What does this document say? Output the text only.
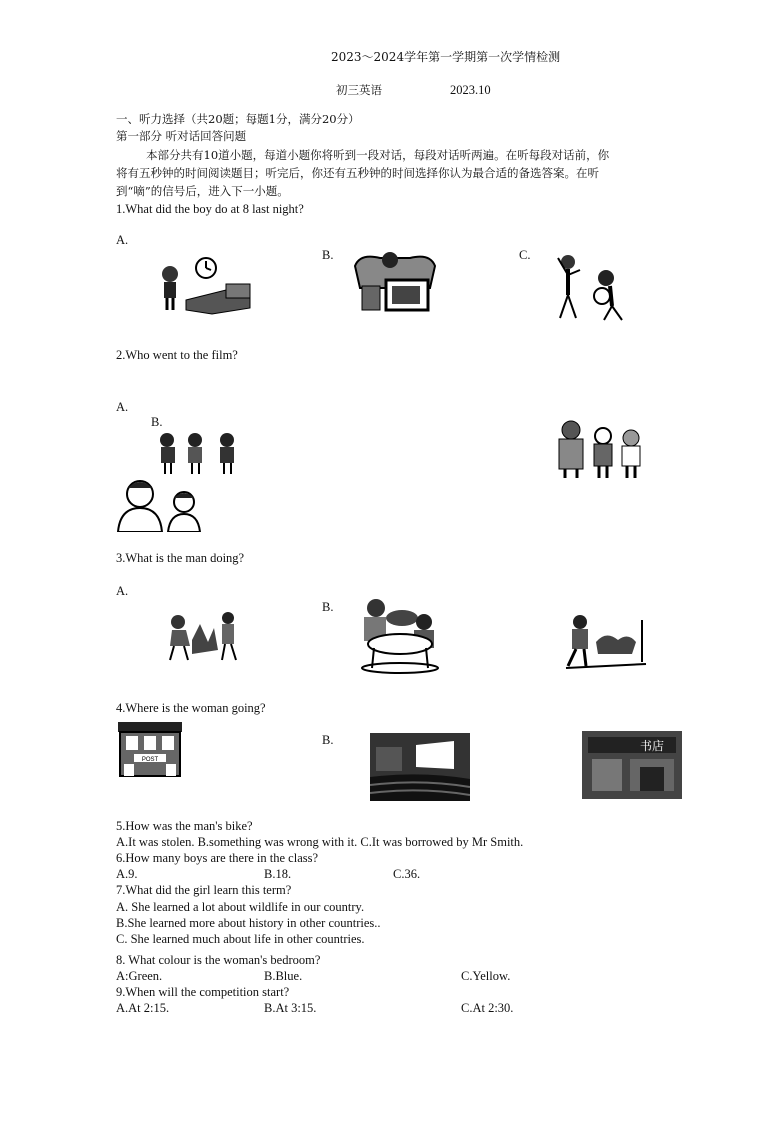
2023～2024学年第一学期第一次学情检测
初三英语	2023.10
一、听力选择（共20题；每题1分，满分20分）
第一部分 听对话回答问题
本部分共有10道小题，每道小题你将听到一段对话，每段对话听两遍。在听每段对话前，你
将有五秒钟的时间阅读题目；听完后，你还有五秒钟的时间选择你认为最合适的备选答案。在听
到“嘀”的信号后，进入下一小题。
1.What did the boy do at 8 last night?
A.
B.	C.
2.Who went to the film?
A.
B.
3.What is the man doing?
A.
B.
4.Where is the woman going?
B.
POST
书店
5.How was the man's bike?
A.It was stolen. B.something was wrong with it. C.It was borrowed by Mr Smith.
6.How many boys are there in the class?
A.9.	B.18.	C.36.
7.What did the girl learn this term?
A. She learned a lot about wildlife in our country.
B.She learned more about history in other countries..
C. She learned much about life in other countries.
8. What colour is the woman's bedroom?
A:Green.	B.Blue.	C.Yellow.
9.When will the competition start?
A.At 2:15.	B.At 3:15.	C.At 2:30.
